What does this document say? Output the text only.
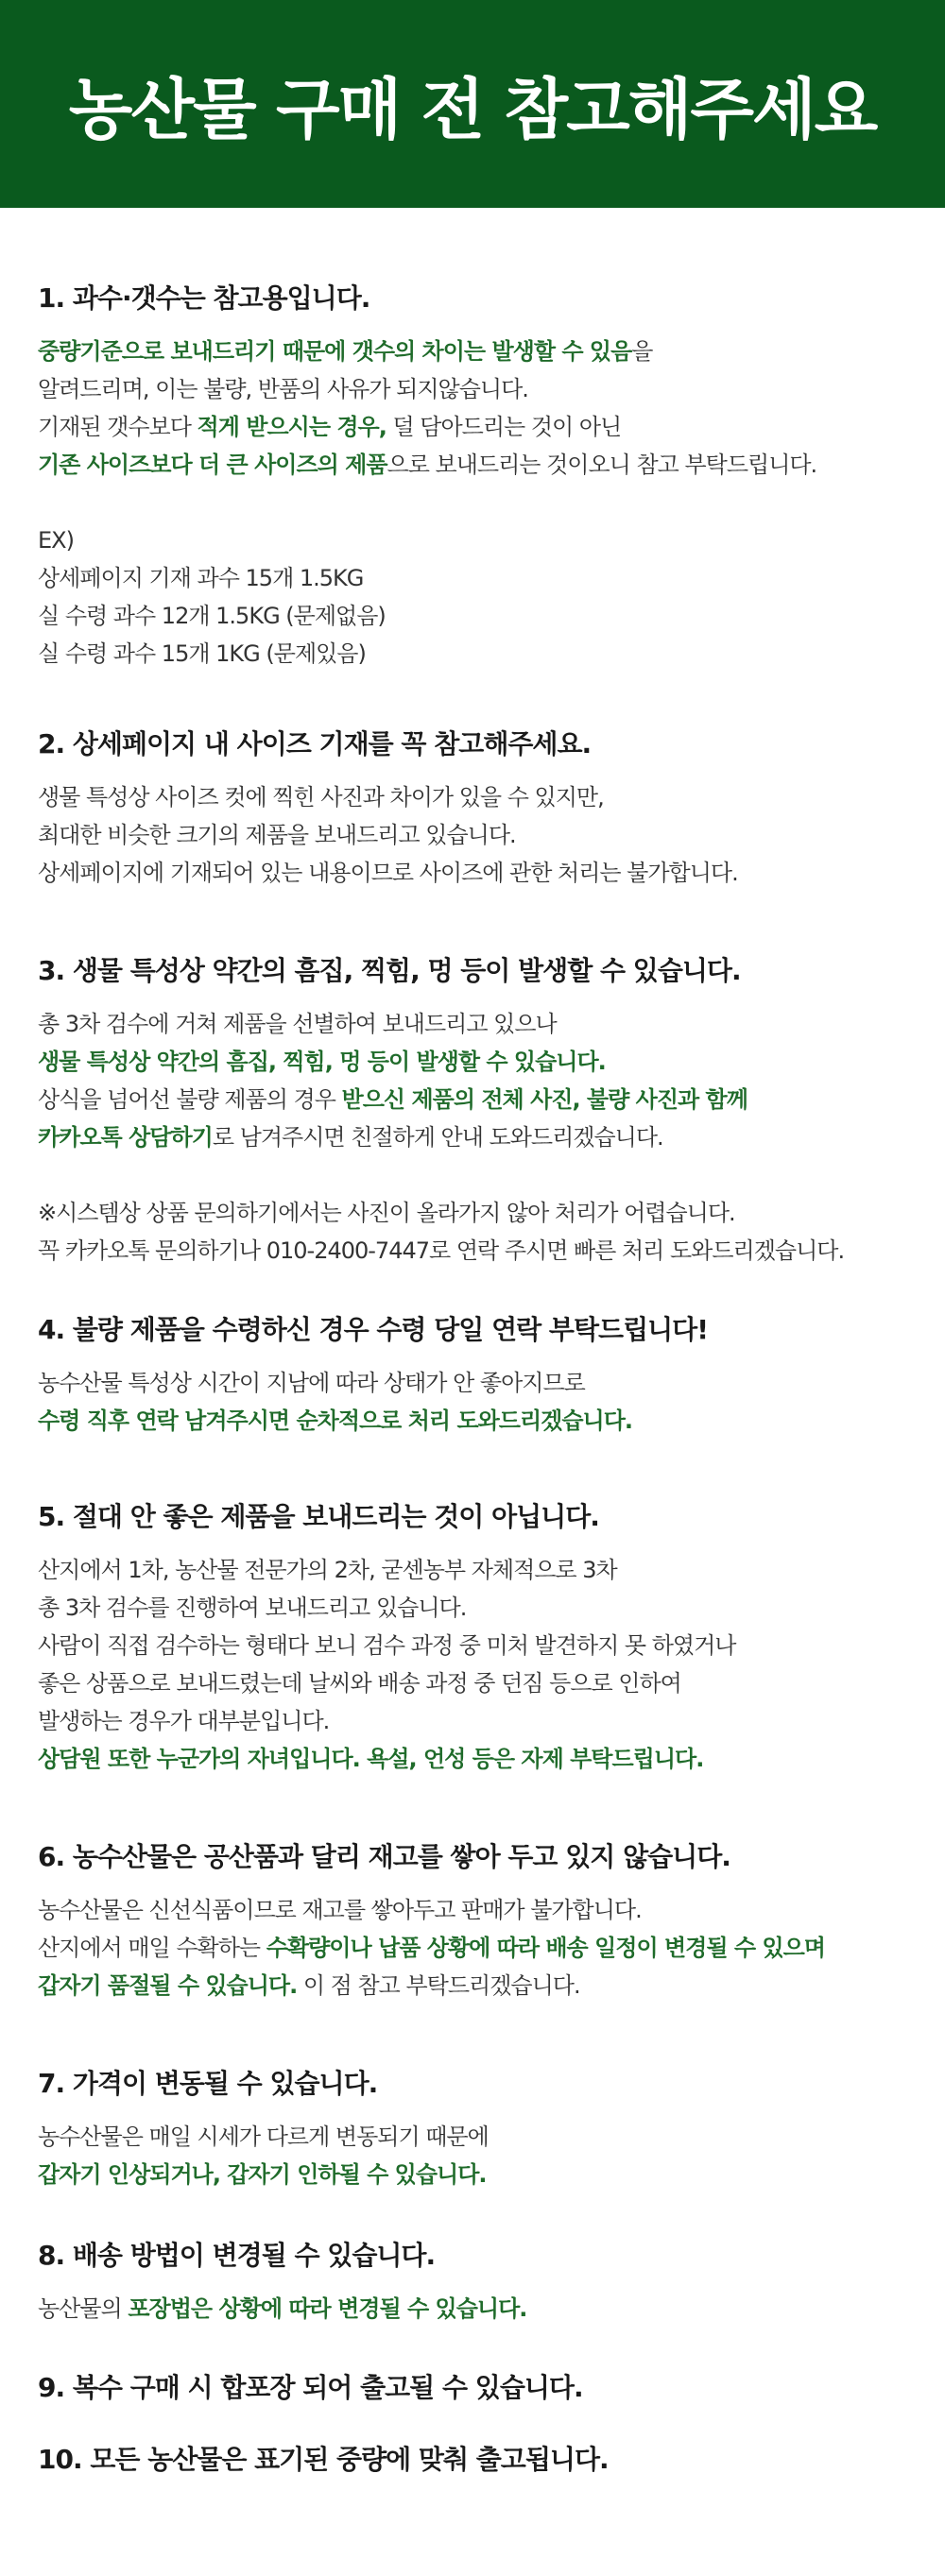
농산물 구매 전 참고해주세요
1. 과수·갯수는 참고용입니다.
중량기준으로 보내드리기 때문에 갯수의 차이는 발생할 수 있음을
알려드리며, 이는 불량, 반품의 사유가 되지않습니다.
기재된 갯수보다 적게 받으시는 경우, 덜 담아드리는 것이 아닌
기존 사이즈보다 더 큰 사이즈의 제품으로 보내드리는 것이오니 참고 부탁드립니다.
EX)
상세페이지 기재 과수 15개 1.5KG
실 수령 과수 12개 1.5KG (문제없음)
실 수령 과수 15개 1KG (문제있음)
2. 상세페이지 내 사이즈 기재를 꼭 참고해주세요.
생물 특성상 사이즈 컷에 찍힌 사진과 차이가 있을 수 있지만,
최대한 비슷한 크기의 제품을 보내드리고 있습니다.
상세페이지에 기재되어 있는 내용이므로 사이즈에 관한 처리는 불가합니다.
3. 생물 특성상 약간의 흠집, 찍힘, 멍 등이 발생할 수 있습니다.
총 3차 검수에 거쳐 제품을 선별하여 보내드리고 있으나
생물 특성상 약간의 흠집, 찍힘, 멍 등이 발생할 수 있습니다.
상식을 넘어선 불량 제품의 경우 받으신 제품의 전체 사진, 불량 사진과 함께
카카오톡 상담하기로 남겨주시면 친절하게 안내 도와드리겠습니다.
※시스템상 상품 문의하기에서는 사진이 올라가지 않아 처리가 어렵습니다.
꼭 카카오톡 문의하기나 010-2400-7447로 연락 주시면 빠른 처리 도와드리겠습니다.
4. 불량 제품을 수령하신 경우 수령 당일 연락 부탁드립니다!
농수산물 특성상 시간이 지남에 따라 상태가 안 좋아지므로
수령 직후 연락 남겨주시면 순차적으로 처리 도와드리겠습니다.
5. 절대 안 좋은 제품을 보내드리는 것이 아닙니다.
산지에서 1차, 농산물 전문가의 2차, 굳센농부 자체적으로 3차
총 3차 검수를 진행하여 보내드리고 있습니다.
사람이 직접 검수하는 형태다 보니 검수 과정 중 미처 발견하지 못 하였거나
좋은 상품으로 보내드렸는데 날씨와 배송 과정 중 던짐 등으로 인하여
발생하는 경우가 대부분입니다.
상담원 또한 누군가의 자녀입니다. 욕설, 언성 등은 자제 부탁드립니다.
6. 농수산물은 공산품과 달리 재고를 쌓아 두고 있지 않습니다.
농수산물은 신선식품이므로 재고를 쌓아두고 판매가 불가합니다.
산지에서 매일 수확하는 수확량이나 납품 상황에 따라 배송 일정이 변경될 수 있으며
갑자기 품절될 수 있습니다. 이 점 참고 부탁드리겠습니다.
7. 가격이 변동될 수 있습니다.
농수산물은 매일 시세가 다르게 변동되기 때문에
갑자기 인상되거나, 갑자기 인하될 수 있습니다.
8. 배송 방법이 변경될 수 있습니다.
농산물의 포장법은 상황에 따라 변경될 수 있습니다.
9. 복수 구매 시 합포장 되어 출고될 수 있습니다.
10. 모든 농산물은 표기된 중량에 맞춰 출고됩니다.
